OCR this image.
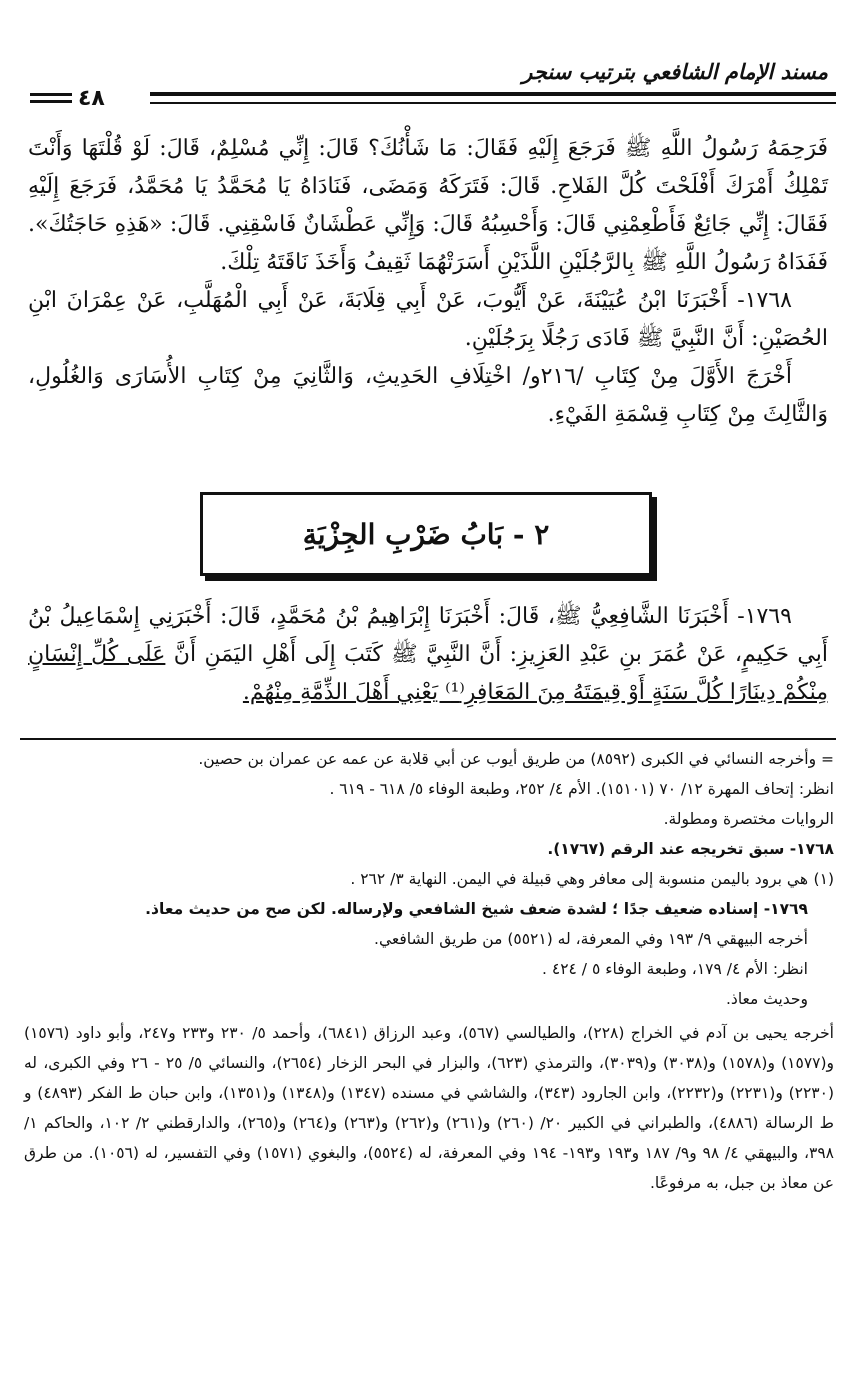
مسند الإمام الشافعي بترتيب سنجر
٤٨

فَرَحِمَهُ رَسُولُ اللَّهِ ﷺ فَرَجَعَ إِلَيْهِ فَقَالَ: مَا شَأْنُكَ؟ قَالَ: إِنِّي مُسْلِمٌ، قَالَ: لَوْ قُلْتَهَا وَأَنْتَ تَمْلِكُ أَمْرَكَ أَفْلَحْتَ كُلَّ الفَلاحِ. قَالَ: فَتَرَكَهُ وَمَضَى، فَنَادَاهُ يَا مُحَمَّدُ يَا مُحَمَّدُ، فَرَجَعَ إِلَيْهِ فَقَالَ: إِنِّي جَائِعٌ فَأَطْعِمْنِي قَالَ: وَأَحْسِبُهُ قَالَ: وَإِنِّي عَطْشَانٌ فَاسْقِنِي. قَالَ: «هَذِهِ حَاجَتُكَ». فَفَدَاهُ رَسُولُ اللَّهِ ﷺ بِالرَّجُلَيْنِ اللَّذَيْنِ أَسَرَتْهُمَا ثَقِيفُ وَأَخَذَ نَاقَتَهُ تِلْكَ.

١٧٦٨- أَخْبَرَنَا ابْنُ عُيَيْنَةَ، عَنْ أَيُّوبَ، عَنْ أَبِي قِلَابَةَ، عَنْ أَبِي الْمُهَلَّبِ، عَنْ عِمْرَانَ ابْنِ الحُصَيْنِ: أَنَّ النَّبِيَّ ﷺ فَادَى رَجُلًا بِرَجُلَيْنِ.

أَخْرَجَ الأَوَّلَ مِنْ كِتَابِ /٢١٦و/ اخْتِلَافِ الحَدِيثِ، وَالثَّانِيَ مِنْ كِتَابِ الأُسَارَى وَالغُلُولِ، وَالثَّالِثَ مِنْ كِتَابِ قِسْمَةِ الفَيْءِ.

٢ - بَابُ ضَرْبِ الجِزْيَةِ

١٧٦٩- أَخْبَرَنَا الشَّافِعِيُّ ﷺ، قَالَ: أَخْبَرَنَا إِبْرَاهِيمُ بْنُ مُحَمَّدٍ، قَالَ: أَخْبَرَنِي إِسْمَاعِيلُ بْنُ أَبِي حَكِيمٍ، عَنْ عُمَرَ بنِ عَبْدِ العَزِيزِ: أَنَّ النَّبِيَّ ﷺ كَتَبَ إِلَى أَهْلِ اليَمَنِ أَنَّ عَلَى كُلِّ إِنْسَانٍ مِنْكُمْ دِينَارًا كُلَّ سَنَةٍ أَوْ قِيمَتَهُ مِنَ المَعَافِرِ⁽¹⁾ يَعْنِي أَهْلَ الذِّمَّةِ مِنْهُمْ.

= وأخرجه النسائي في الكبرى (٨٥٩٢) من طريق أيوب عن أبي قلابة عن عمه عن عمران بن حصين.

انظر: إتحاف المهرة ١٢/ ٧٠ (١٥١٠١). الأم ٤/ ٢٥٢، وطبعة الوفاء ٥/ ٦١٨ - ٦١٩ .

الروايات مختصرة ومطولة.

١٧٦٨- سبق تخريجه عند الرقم (١٧٦٧).

(١)
هي برود باليمن منسوبة إلى معافر وهي قبيلة في اليمن. النهاية ٣/ ٢٦٢ .

١٧٦٩- إسناده ضعيف جدًا ؛ لشدة ضعف شيخ الشافعي ولإرساله. لكن صح من حديث معاذ.

أخرجه البيهقي ٩/ ١٩٣ وفي المعرفة، له (٥٥٢١) من طريق الشافعي.

انظر: الأم ٤/ ١٧٩، وطبعة الوفاء ٥ / ٤٢٤ .

وحديث معاذ.

أخرجه يحيى بن آدم في الخراج (٢٢٨)، والطيالسي (٥٦٧)، وعبد الرزاق (٦٨٤١)، وأحمد ٥/ ٢٣٠ و٢٣٣ و٢٤٧، وأبو داود (١٥٧٦) و(١٥٧٧) و(١٥٧٨) و(٣٠٣٨) و(٣٠٣٩)، والترمذي (٦٢٣)، والبزار في البحر الزخار (٢٦٥٤)، والنسائي ٥/ ٢٥ - ٢٦ وفي الكبرى، له (٢٢٣٠) و(٢٢٣١) و(٢٢٣٢)، وابن الجارود (٣٤٣)، والشاشي في مسنده (١٣٤٧) و(١٣٤٨) و(١٣٥١)، وابن حبان ط الفكر (٤٨٩٣) و ط الرسالة (٤٨٨٦)، والطبراني في الكبير ٢٠/ (٢٦٠) و(٢٦١) و(٢٦٢) و(٢٦٣) و(٢٦٤) و(٢٦٥)، والدارقطني ٢/ ١٠٢، والحاكم ١/ ٣٩٨، والبيهقي ٤/ ٩٨ و٩/ ١٨٧ و١٩٣ و١٩٣- ١٩٤ وفي المعرفة، له (٥٥٢٤)، والبغوي (١٥٧١) وفي التفسير، له (١٠٥٦). من طرق عن معاذ بن جبل، به مرفوعًا.
